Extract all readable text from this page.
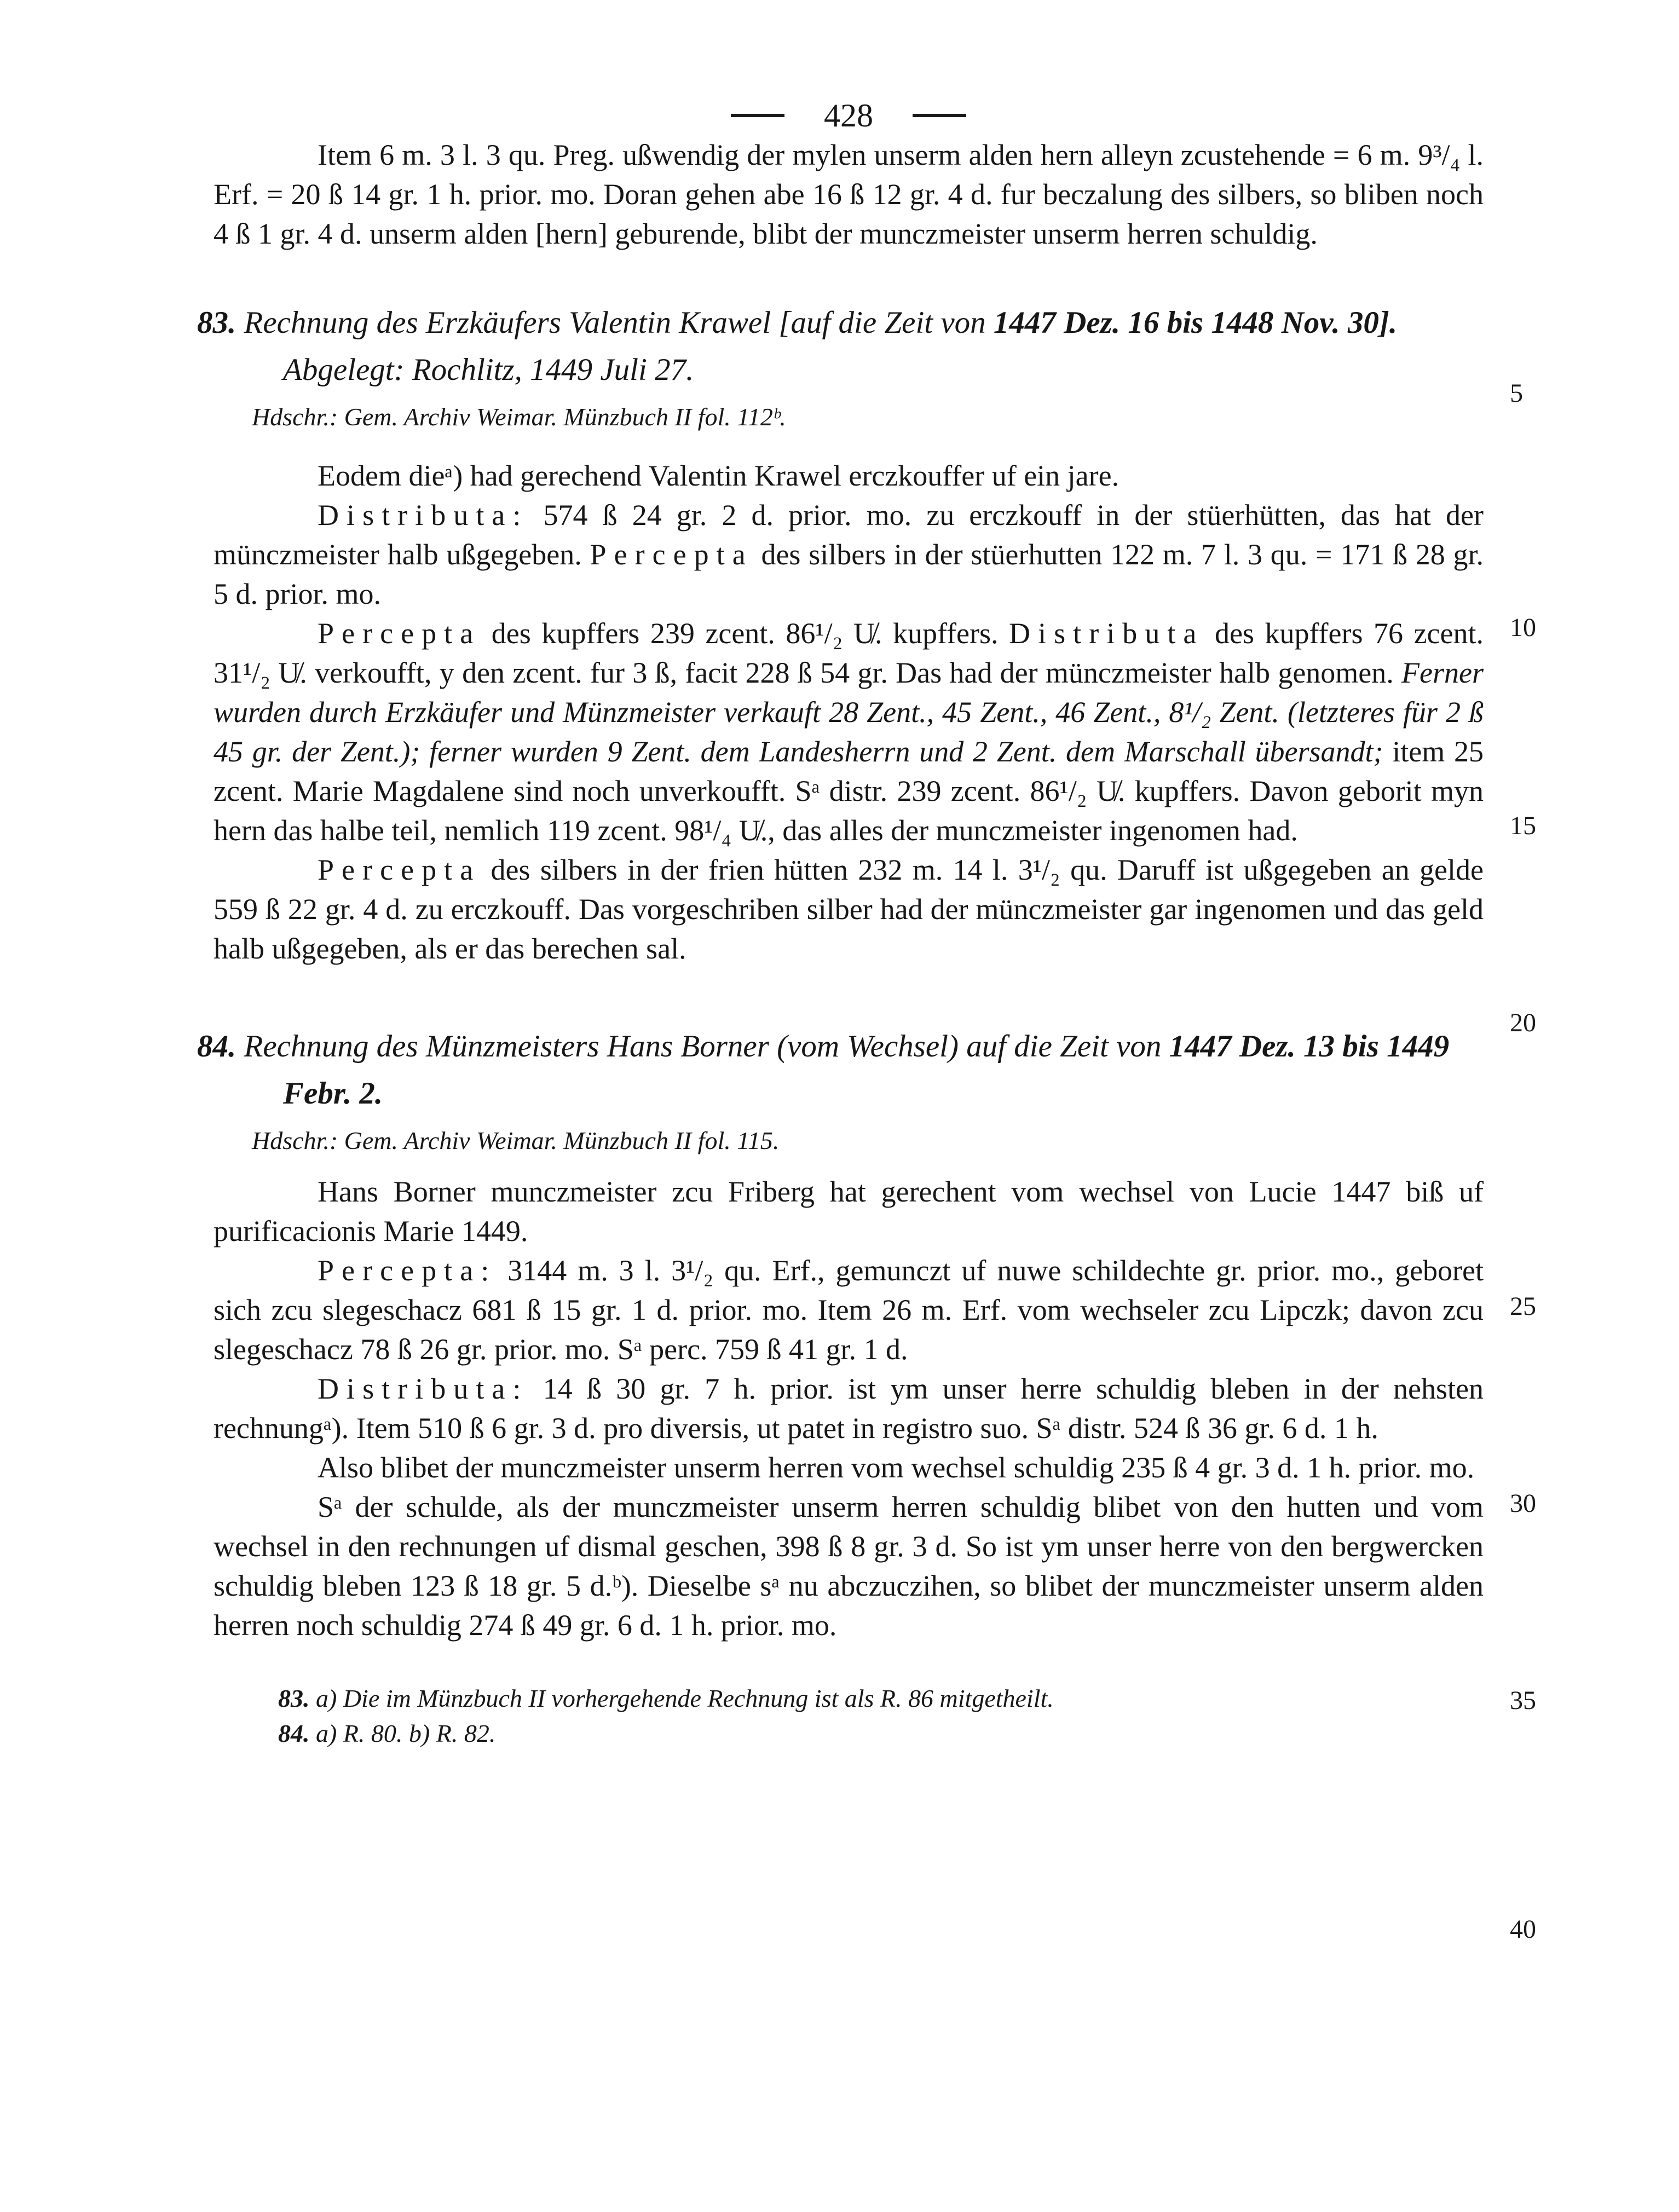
428

Item 6 m. 3 l. 3 qu. Preg. ußwendig der mylen unserm alden hern alleyn zcustehende = 6 m. 9³/₄ l. Erf. = 20 ß 14 gr. 1 h. prior. mo. Doran gehen abe 16 ß 12 gr. 4 d. fur beczalung des silbers, so bliben noch 4 ß 1 gr. 4 d. unserm alden [hern] geburende, blibt der munczmeister unserm herren schuldig.

83. Rechnung des Erzkäufers Valentin Krawel [auf die Zeit von 1447 Dez. 16 bis 1448 Nov. 30]. Abgelegt: Rochlitz, 1449 Juli 27.
Hdschr.: Gem. Archiv Weimar. Münzbuch II fol. 112ᵇ.

Eodem dieᵃ) had gerechend Valentin Krawel erczkouffer uf ein jare.

Distributa: 574 ß 24 gr. 2 d. prior. mo. zu erczkouff in der stüerhütten, das hat der münczmeister halb ußgegeben. Percepta des silbers in der stüerhutten 122 m. 7 l. 3 qu. = 171 ß 28 gr. 5 d. prior. mo.

Percepta des kupffers 239 zcent. 86¹/₂ U̸. kupffers. Distributa des kupffers 76 zcent. 31¹/₂ U̸. verkoufft, y den zcent. fur 3 ß, facit 228 ß 54 gr. Das had der münczmeister halb genomen. Ferner wurden durch Erzkäufer und Münzmeister verkauft 28 Zent., 45 Zent., 46 Zent., 8¹/₂ Zent. (letzteres für 2 ß 45 gr. der Zent.); ferner wurden 9 Zent. dem Landesherrn und 2 Zent. dem Marschall übersandt; item 25 zcent. Marie Magdalene sind noch unverkoufft. Sᵃ distr. 239 zcent. 86¹/₂ U̸. kupffers. Davon geborit myn hern das halbe teil, nemlich 119 zcent. 98¹/₄ U̸., das alles der munczmeister ingenomen had.

Percepta des silbers in der frien hütten 232 m. 14 l. 3¹/₂ qu. Daruff ist ußgegeben an gelde 559 ß 22 gr. 4 d. zu erczkouff. Das vorgeschriben silber had der münczmeister gar ingenomen und das geld halb ußgegeben, als er das berechen sal.

84. Rechnung des Münzmeisters Hans Borner (vom Wechsel) auf die Zeit von 1447 Dez. 13 bis 1449 Febr. 2.
Hdschr.: Gem. Archiv Weimar. Münzbuch II fol. 115.

Hans Borner munczmeister zcu Friberg hat gerechent vom wechsel von Lucie 1447 biß uf purificacionis Marie 1449.

Percepta: 3144 m. 3 l. 3¹/₂ qu. Erf., gemunczt uf nuwe schildechte gr. prior. mo., geboret sich zcu slegeschacz 681 ß 15 gr. 1 d. prior. mo. Item 26 m. Erf. vom wechseler zcu Lipczk; davon zcu slegeschacz 78 ß 26 gr. prior. mo. Sᵃ perc. 759 ß 41 gr. 1 d.

Distributa: 14 ß 30 gr. 7 h. prior. ist ym unser herre schuldig bleben in der nehsten rechnungᵃ). Item 510 ß 6 gr. 3 d. pro diversis, ut patet in registro suo. Sᵃ distr. 524 ß 36 gr. 6 d. 1 h.

Also blibet der munczmeister unserm herren vom wechsel schuldig 235 ß 4 gr. 3 d. 1 h. prior. mo.

Sᵃ der schulde, als der munczmeister unserm herren schuldig blibet von den hutten und vom wechsel in den rechnungen uf dismal geschen, 398 ß 8 gr. 3 d. So ist ym unser herre von den bergwercken schuldig bleben 123 ß 18 gr. 5 d.ᵇ). Dieselbe sᵃ nu abczuczihen, so blibet der munczmeister unserm alden herren noch schuldig 274 ß 49 gr. 6 d. 1 h. prior. mo.

83. a) Die im Münzbuch II vorhergehende Rechnung ist als R. 86 mitgetheilt.

84. a) R. 80. b) R. 82.

5
10
15
20
25
30
35
40
